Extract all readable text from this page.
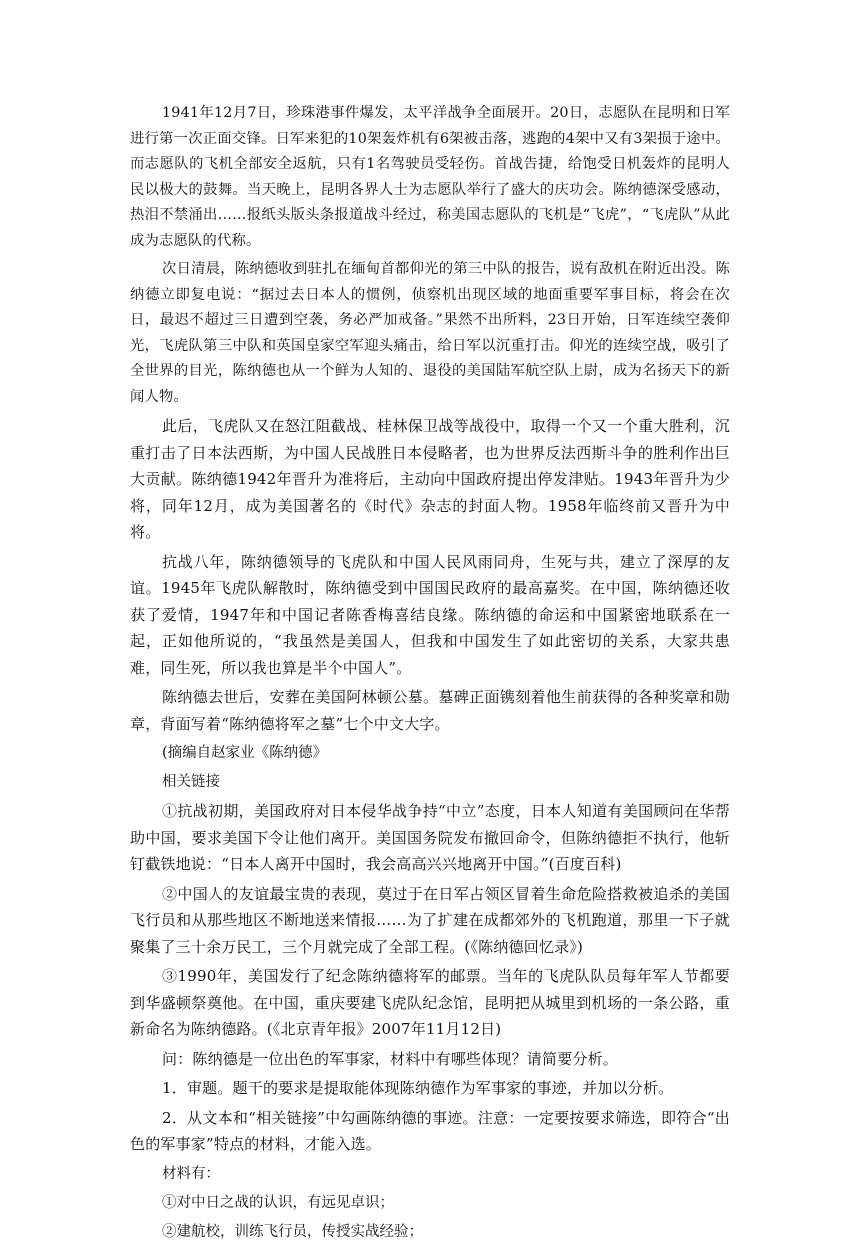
1941年12月7日，珍珠港事件爆发，太平洋战争全面展开。20日，志愿队在昆明和日军进行第一次正面交锋。日军来犯的10架轰炸机有6架被击落，逃跑的4架中又有3架损于途中。而志愿队的飞机全部安全返航，只有1名驾驶员受轻伤。首战告捷，给饱受日机轰炸的昆明人民以极大的鼓舞。当天晚上，昆明各界人士为志愿队举行了盛大的庆功会。陈纳德深受感动，热泪不禁涌出……报纸头版头条报道战斗经过，称美国志愿队的飞机是“飞虎”，“飞虎队”从此成为志愿队的代称。

次日清晨，陈纳德收到驻扎在缅甸首都仰光的第三中队的报告，说有敌机在附近出没。陈纳德立即复电说：“据过去日本人的惯例，侦察机出现区域的地面重要军事目标，将会在次日，最迟不超过三日遭到空袭，务必严加戒备。”果然不出所料，23日开始，日军连续空袭仰光，飞虎队第三中队和英国皇家空军迎头痛击，给日军以沉重打击。仰光的连续空战，吸引了全世界的目光，陈纳德也从一个鲜为人知的、退役的美国陆军航空队上尉，成为名扬天下的新闻人物。

此后，飞虎队又在怒江阻截战、桂林保卫战等战役中，取得一个又一个重大胜利，沉重打击了日本法西斯，为中国人民战胜日本侵略者，也为世界反法西斯斗争的胜利作出巨大贡献。陈纳德1942年晋升为准将后，主动向中国政府提出停发津贴。1943年晋升为少将，同年12月，成为美国著名的《时代》杂志的封面人物。1958年临终前又晋升为中将。

抗战八年，陈纳德领导的飞虎队和中国人民风雨同舟，生死与共，建立了深厚的友谊。1945年飞虎队解散时，陈纳德受到中国国民政府的最高嘉奖。在中国，陈纳德还收获了爱情，1947年和中国记者陈香梅喜结良缘。陈纳德的命运和中国紧密地联系在一起，正如他所说的，“我虽然是美国人，但我和中国发生了如此密切的关系，大家共患难，同生死，所以我也算是半个中国人”。

陈纳德去世后，安葬在美国阿林顿公墓。墓碑正面镌刻着他生前获得的各种奖章和勋章，背面写着“陈纳德将军之墓”七个中文大字。

(摘编自赵家业《陈纳德》

相关链接

①抗战初期，美国政府对日本侵华战争持“中立”态度，日本人知道有美国顾问在华帮助中国，要求美国下令让他们离开。美国国务院发布撤回命令，但陈纳德拒不执行，他斩钉截铁地说：“日本人离开中国时，我会高高兴兴地离开中国。”(百度百科)

②中国人的友谊最宝贵的表现，莫过于在日军占领区冒着生命危险搭救被追杀的美国飞行员和从那些地区不断地送来情报……为了扩建在成都郊外的飞机跑道，那里一下子就聚集了三十余万民工，三个月就完成了全部工程。(《陈纳德回忆录》)

③1990年，美国发行了纪念陈纳德将军的邮票。当年的飞虎队队员每年军人节都要到华盛顿祭奠他。在中国，重庆要建飞虎队纪念馆，昆明把从城里到机场的一条公路，重新命名为陈纳德路。(《北京青年报》2007年11月12日)

问：陈纳德是一位出色的军事家，材料中有哪些体现？请简要分析。

1．审题。题干的要求是提取能体现陈纳德作为军事家的事迹，并加以分析。

2．从文本和“相关链接”中勾画陈纳德的事迹。注意：一定要按要求筛选，即符合“出色的军事家”特点的材料，才能入选。

材料有：

①对中日之战的认识，有远见卓识；

②建航校，训练飞行员，传授实战经验；
